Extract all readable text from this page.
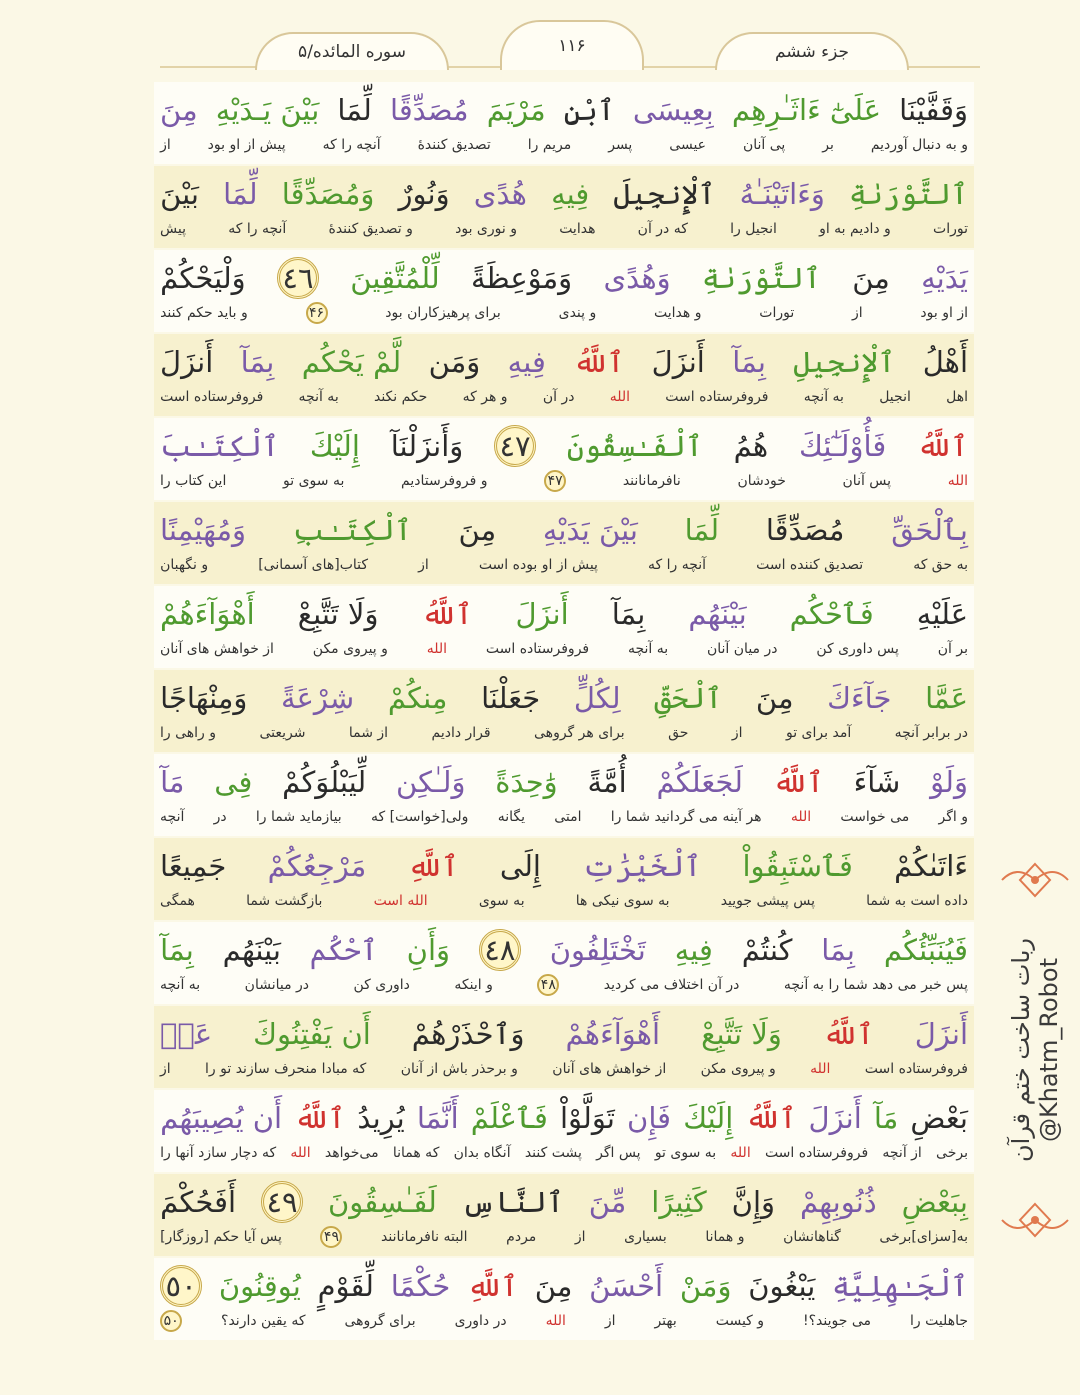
سوره المائده/۵	۱۱۶	جزء ششم
وَقَفَّيْنَا
عَلَىٰٓ ءَاثَـٰرِهِم
بِعِيسَى
ٱبْنِ
مَرْيَمَ
مُصَدِّقًا
لِّمَا
بَيْنَ يَـدَيْهِ
مِنَ
و به دنبال آوردیم
بر
پی آنان
عیسی
پسر
مریم را
تصدیق کنندهٔ
آنچه را که
پیش از او بود
از
ٱلتَّوْرَىٰةِ
وَءَاتَيْنَـٰهُ
ٱلْإِنجِيلَ
فِيهِ
هُدًى
وَنُورٌ
وَمُصَدِّقًا
لِّمَا
بَيْنَ
تورات
و دادیم به او
انجیل را
که در آن
هدایت
و نوری بود
و تصدیق کنندهٔ
آنچه را که
پیش
يَدَيْهِ
مِنَ
ٱلتَّوْرَىٰةِ
وَهُدًى
وَمَوْعِظَةً
لِّلْمُتَّقِينَ
٤٦
وَلْيَحْكُمْ
از او بود
از
تورات
و هدایت
و پندی
برای پرهیزکاران بود
۴۶
و باید حکم کنند
أَهْلُ
ٱلْإِنجِيلِ
بِمَآ
أَنزَلَ
ٱللَّهُ
فِيهِ
وَمَن
لَّمْ يَحْكُم
بِمَآ
أَنزَلَ
اهل
انجیل
به آنچه
فروفرستاده است
الله
در آن
و هر که
حکم نکند
به آنچه
فروفرستاده است
ٱللَّهُ
فَأُوْلَـٰٓئِكَ
هُمُ
ٱلْفَـٰسِقُونَ
٤٧
وَأَنزَلْنَآ
إِلَيْكَ
ٱلْكِتَـٰبَ
الله
پس آنان
خودشان
نافرمانانند
۴۷
و فروفرستادیم
به سوی تو
این کتاب را
بِٱلْحَقِّ
مُصَدِّقًا
لِّمَا
بَيْنَ يَدَيْهِ
مِنَ
ٱلْكِتَـٰبِ
وَمُهَيْمِنًا
به حق که
تصدیق کننده است
آنچه را که
پیش از او بوده است
از
کتاب[های آسمانی]
و نگهبان
عَلَيْهِ
فَٱحْكُم
بَيْنَهُم
بِمَآ
أَنزَلَ
ٱللَّهُ
وَلَا تَتَّبِعْ
أَهْوَآءَهُمْ
بر آن
پس داوری کن
در میان آنان
به آنچه
فروفرستاده است
الله
و پیروی مکن
از خواهش های آنان
عَمَّا
جَآءَكَ
مِنَ
ٱلْحَقِّ
لِكُلٍّ
جَعَلْنَا
مِنكُمْ
شِرْعَةً
وَمِنْهَاجًا
در برابر آنچه
آمد برای تو
از
حق
برای هر گروهی
قرار دادیم
از شما
شریعتی
و راهی را
وَلَوْ
شَآءَ
ٱللَّهُ
لَجَعَلَكُمْ
أُمَّةً
وَٰحِدَةً
وَلَـٰكِن
لِّيَبْلُوَكُمْ
فِى
مَآ
و اگر
می خواست
الله
هر آینه می گردانید شما را
امتی
یگانه
ولی[خواست] که
بیازماید شما را
در
آنچه
ءَاتَىٰكُمْ
فَٱسْتَبِقُواْ
ٱلْخَيْرَٰتِ
إِلَى
ٱللَّهِ
مَرْجِعُكُمْ
جَمِيعًا
داده است به شما
پس پیشی جویید
به سوی نیکی ها
به سوی
الله است
بازگشت شما
همگی
فَيُنَبِّئُكُم
بِمَا
كُنتُمْ
فِيهِ
تَخْتَلِفُونَ
٤٨
وَأَنِ
ٱحْكُم
بَيْنَهُم
بِمَآ
پس خبر می دهد شما را به آنچه
در آن اختلاف می کردید
۴۸
و اینکه
داوری کن
در میانشان
به آنچه
أَنزَلَ
ٱللَّهُ
وَلَا تَتَّبِعْ
أَهْوَآءَهُمْ
وَٱحْذَرْهُمْ
أَن يَفْتِنُوكَ
عَنۢ
فروفرستاده است
الله
و پیروی مکن
از خواهش های آنان
و برحذر باش از آنان
که مبادا منحرف سازند تو را
از
بَعْضِ
مَآ
أَنزَلَ
ٱللَّهُ
إِلَيْكَ
فَإِن
تَوَلَّوْاْ
فَٱعْلَمْ
أَنَّمَا
يُرِيدُ
ٱللَّهُ
أَن يُصِيبَهُم
برخی
از آنچه
فروفرستاده است
الله
به سوی تو
پس اگر
پشت کنند
آنگاه بدان
که همانا
می‌خواهد
الله
که دچار سازد آنها را
بِبَعْضِ
ذُنُوبِهِمْ
وَإِنَّ
كَثِيرًا
مِّنَ
ٱلنَّاسِ
لَفَـٰسِقُونَ
٤٩
أَفَحُكْمَ
به[سزای]برخی
گناهانشان
و همانا
بسیاری
از
مردم
البته نافرمانانند
۴۹
پس آیا حکم [روزگار]
ٱلْجَـٰهِلِيَّةِ
يَبْغُونَ
وَمَنْ
أَحْسَنُ
مِنَ
ٱللَّهِ
حُكْمًا
لِّقَوْمٍ
يُوقِنُونَ
٥٠
جاهلیت را
می جویند؟!
و کیست
بهتر
از
الله
در داوری
برای گروهی
که یقین دارند؟
۵۰
ربات ساخت ختم قرآن @Khatm_Robot
